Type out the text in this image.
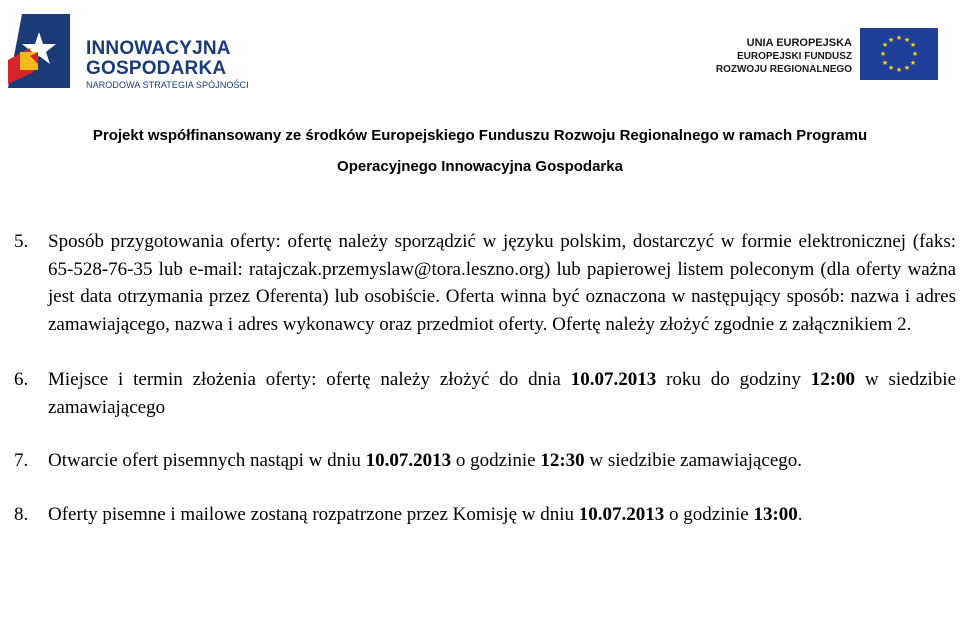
INNOWACYJNA
GOSPODARKA
NARODOWA STRATEGIA SPÓJNOŚCI
UNIA EUROPEJSKA
EUROPEJSKI FUNDUSZ
ROZWOJU REGIONALNEGO
★ ★
★
★
★
★
★
★
★
★
★
★
Projekt współfinansowany ze środków Europejskiego Funduszu Rozwoju Regionalnego w ramach Programu
Operacyjnego Innowacyjna Gospodarka

5. Sposób przygotowania oferty: ofertę należy sporządzić w języku polskim, dostarczyć w formie elektronicznej (faks: 65-528-76-35 lub e-mail: ratajczak.przemyslaw@tora.leszno.org) lub papierowej listem poleconym (dla oferty ważna jest data otrzymania przez Oferenta) lub osobiście. Oferta winna być oznaczona w następujący sposób: nazwa i adres zamawiającego, nazwa i adres wykonawcy oraz przedmiot oferty. Ofertę należy złożyć zgodnie z załącznikiem 2.

6. Miejsce i termin złożenia oferty: ofertę należy złożyć do dnia 10.07.2013 roku do godziny 12:00 w siedzibie zamawiającego

7. Otwarcie ofert pisemnych nastąpi w dniu 10.07.2013 o godzinie 12:30 w siedzibie zamawiającego.

8. Oferty pisemne i mailowe zostaną rozpatrzone przez Komisję w dniu 10.07.2013 o godzinie 13:00.
